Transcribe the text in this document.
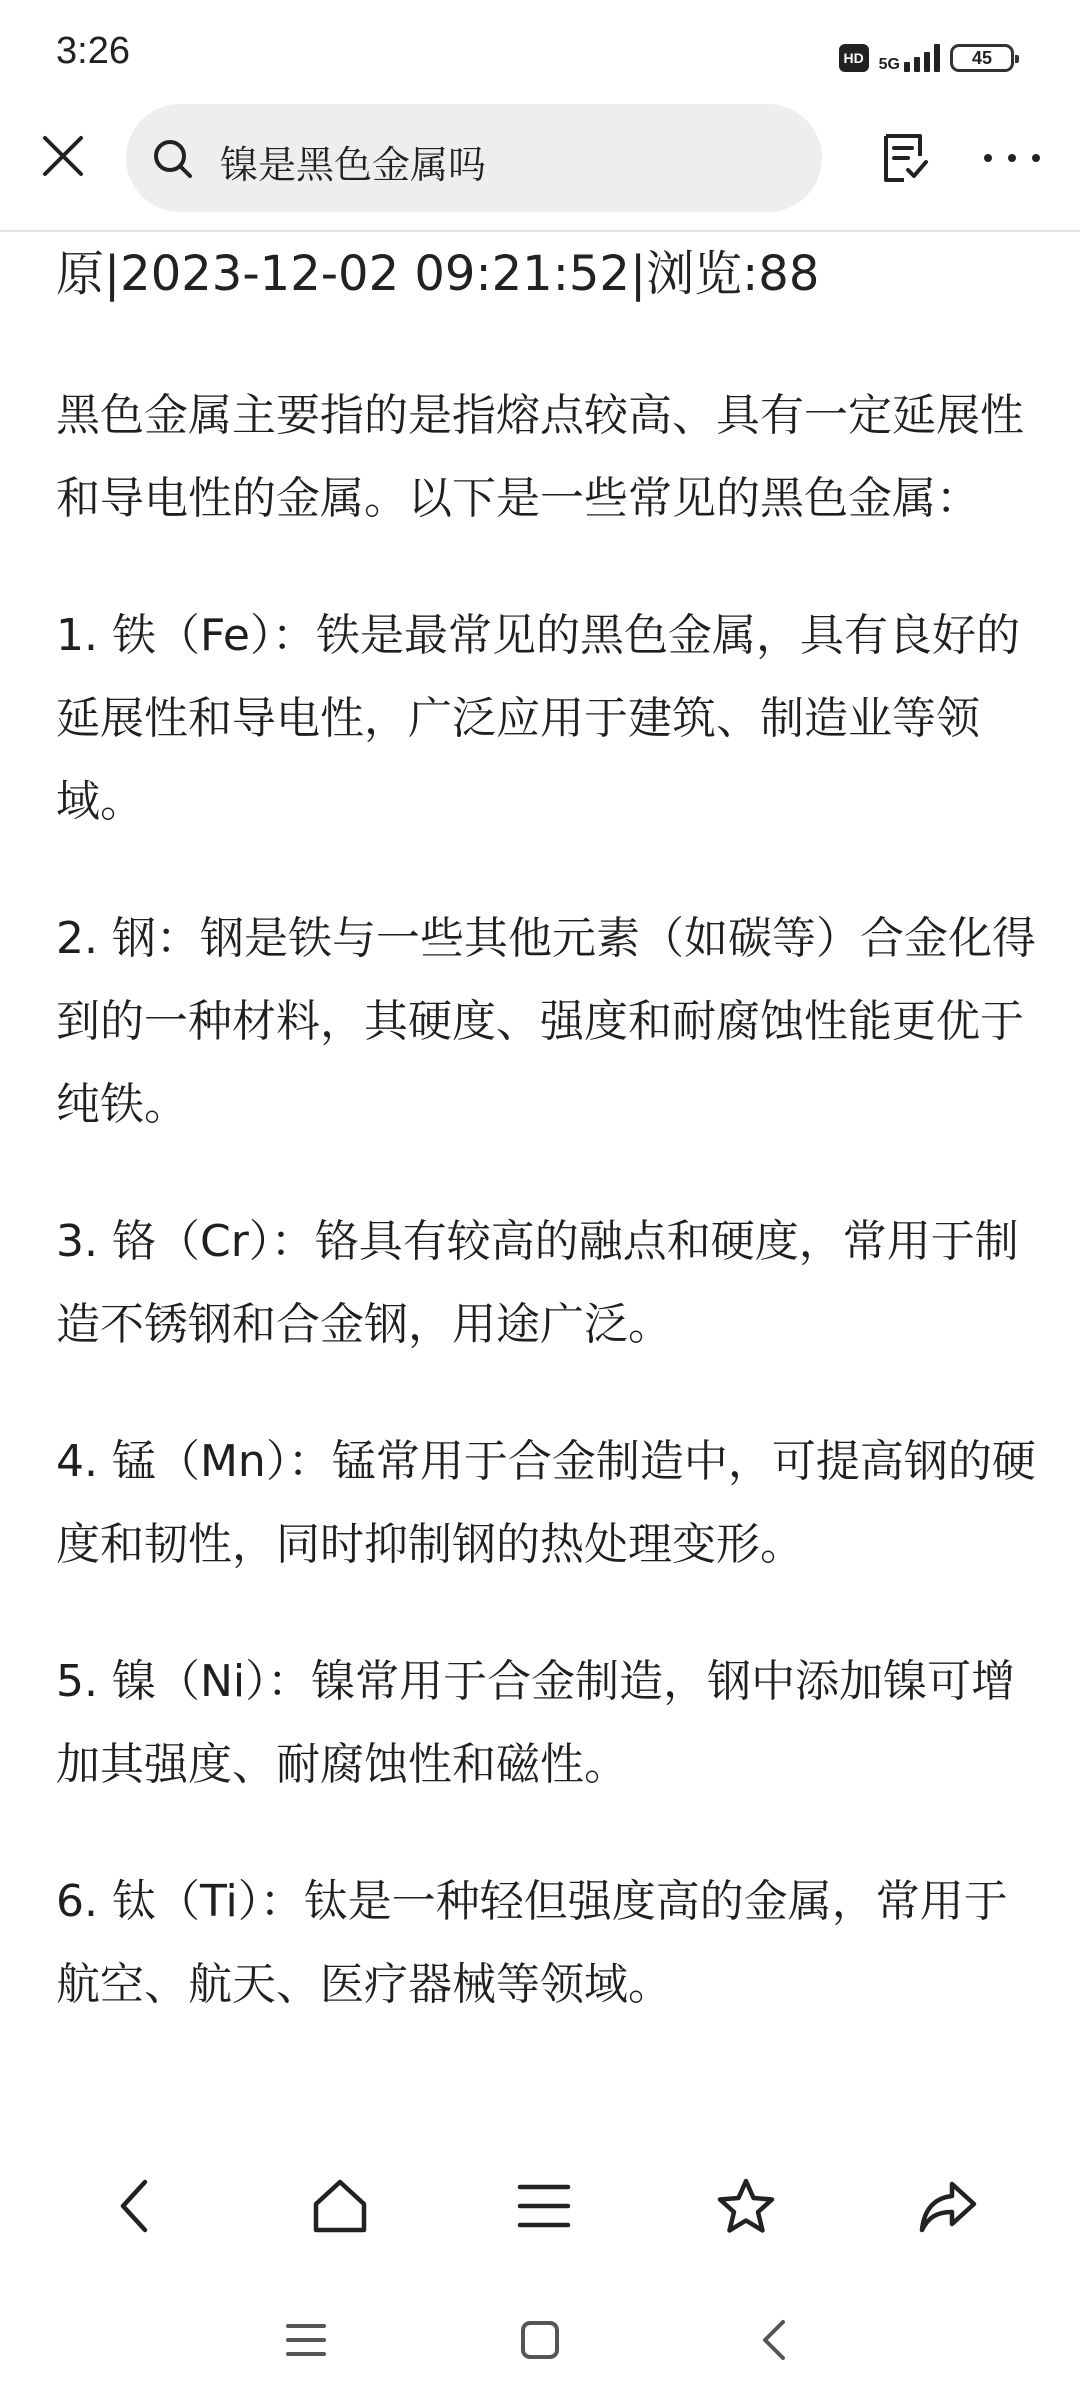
3:26	HD 5G	45
镍是黑色金属吗

原|2023-12-02 09:21:52|浏览:88

黑色金属主要指的是指熔点较高、具有一定延展性和导电性的金属。以下是一些常见的黑色金属：

1. 铁（Fe）：铁是最常见的黑色金属，具有良好的延展性和导电性，广泛应用于建筑、制造业等领域。

2. 钢：钢是铁与一些其他元素（如碳等）合金化得到的一种材料，其硬度、强度和耐腐蚀性能更优于纯铁。

3. 铬（Cr）：铬具有较高的融点和硬度，常用于制造不锈钢和合金钢，用途广泛。

4. 锰（Mn）：锰常用于合金制造中，可提高钢的硬度和韧性，同时抑制钢的热处理变形。

5. 镍（Ni）：镍常用于合金制造，钢中添加镍可增加其强度、耐腐蚀性和磁性。

6. 钛（Ti）：钛是一种轻但强度高的金属，常用于航空、航天、医疗器械等领域。
